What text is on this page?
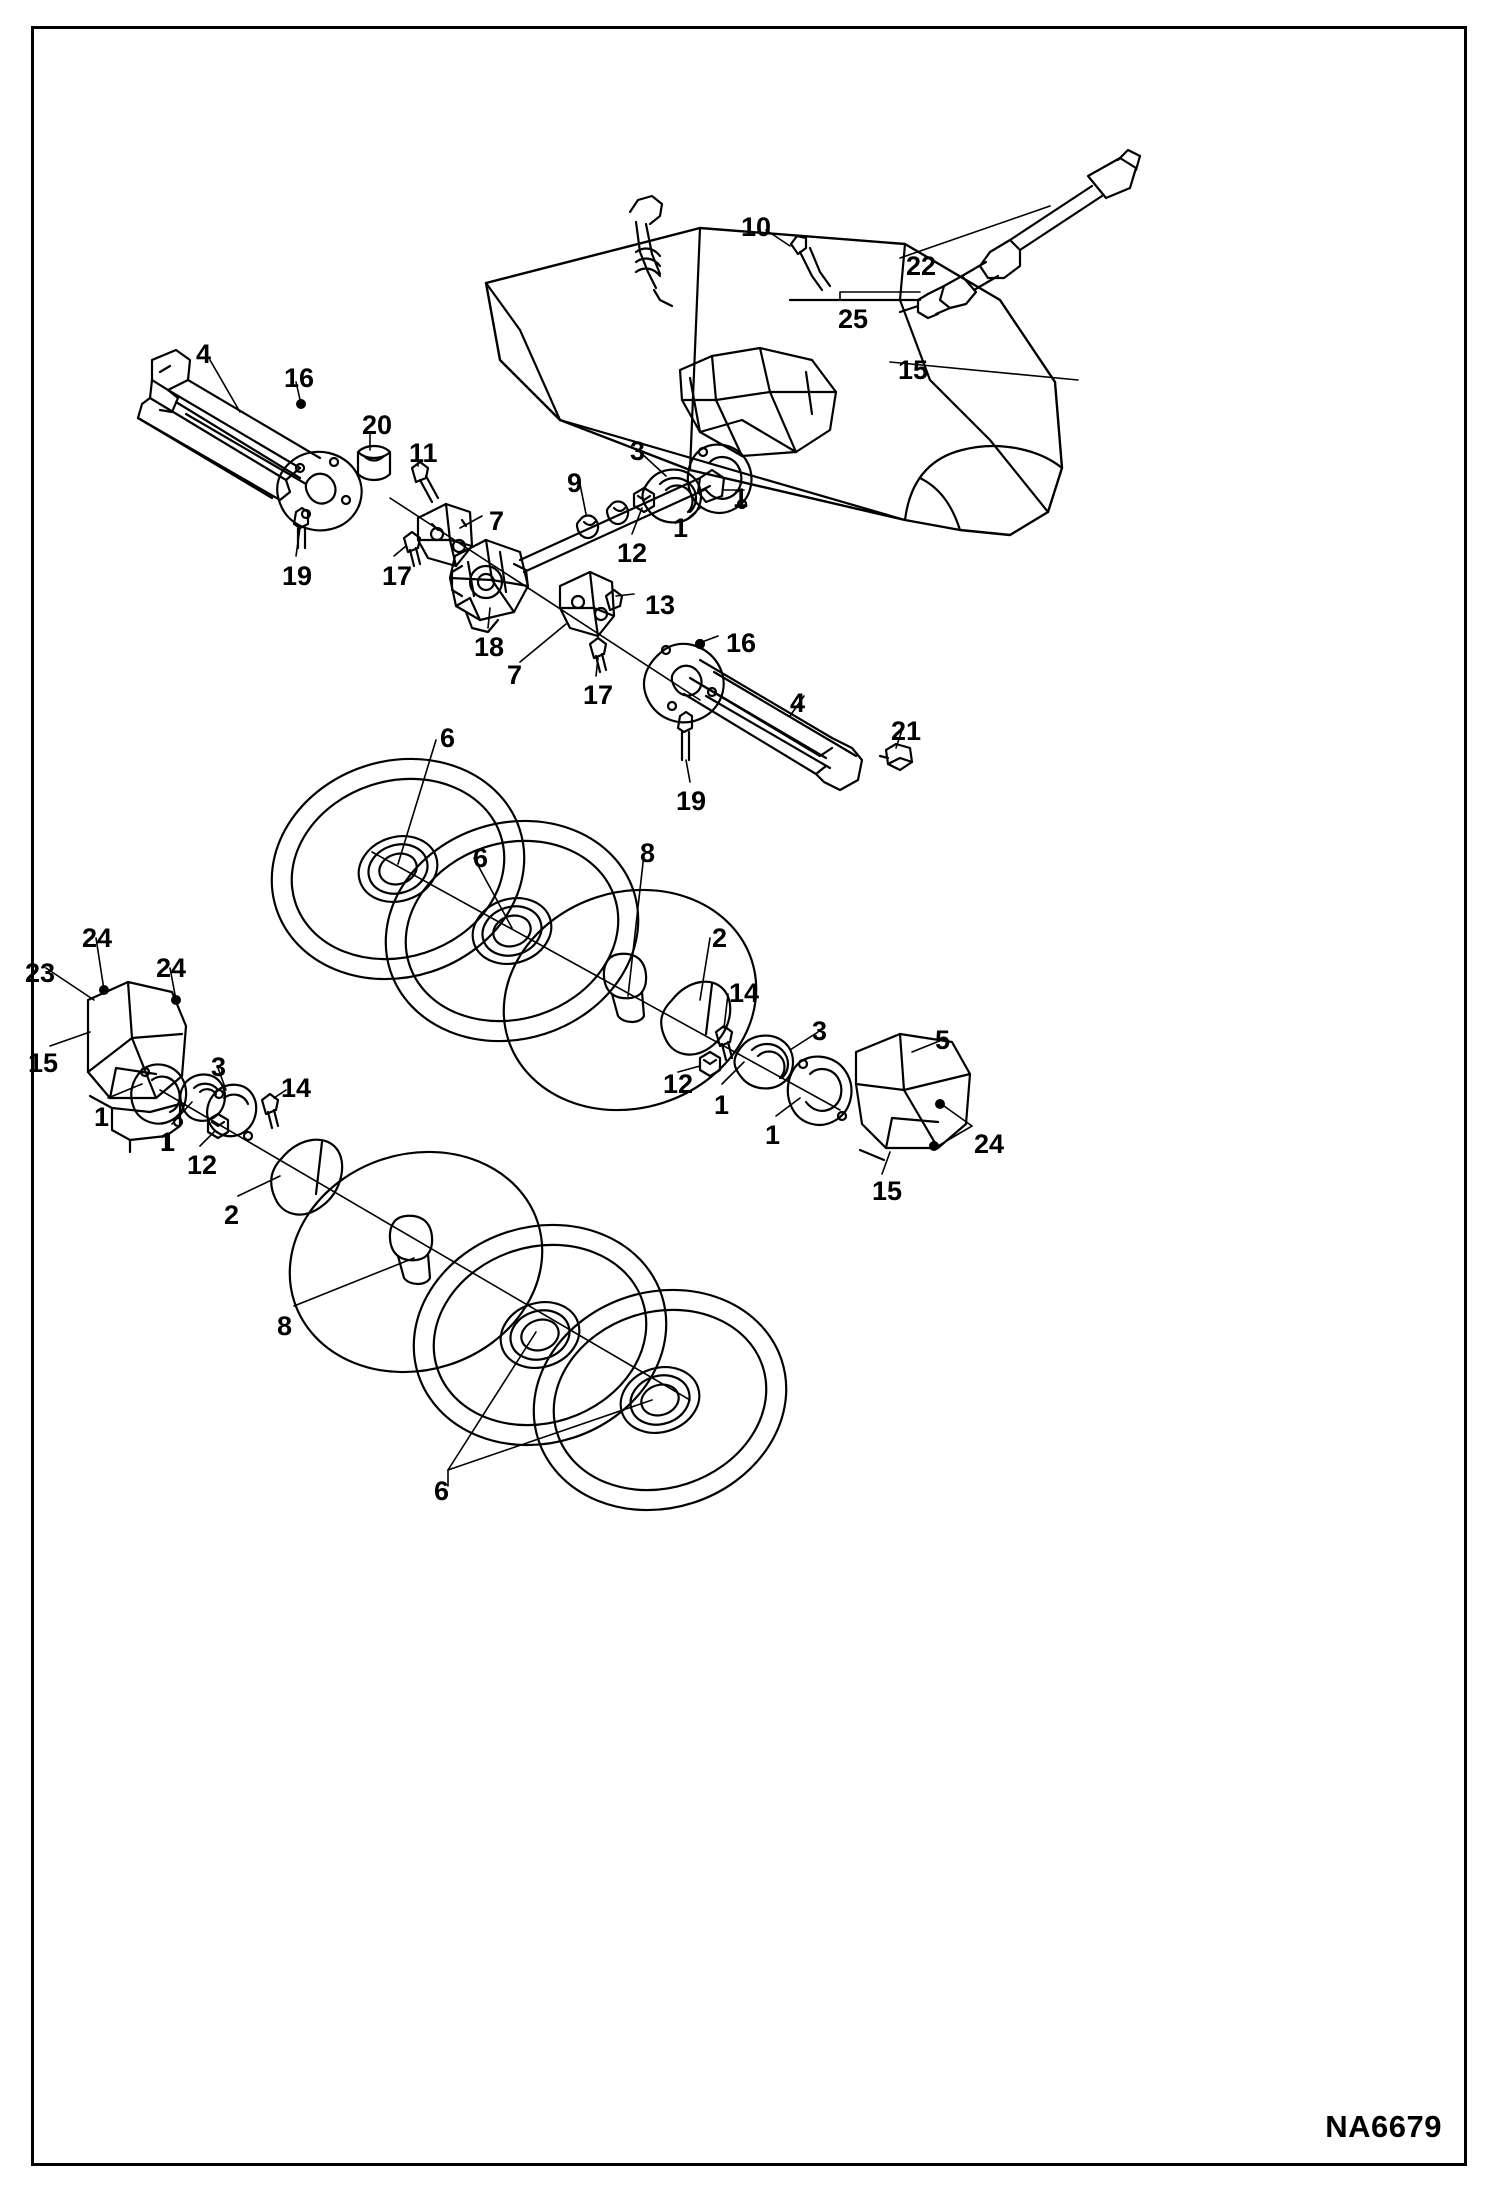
10
22
25
15
4
16
20
11	3
9	1
1
7
12
17
19
13
18
7
17
16
4
21
19
6
6	8
2
14
3	5
12
1
1	24
15
24
24
23
15	3
14
1
1
12
2
8
6
NA6679
